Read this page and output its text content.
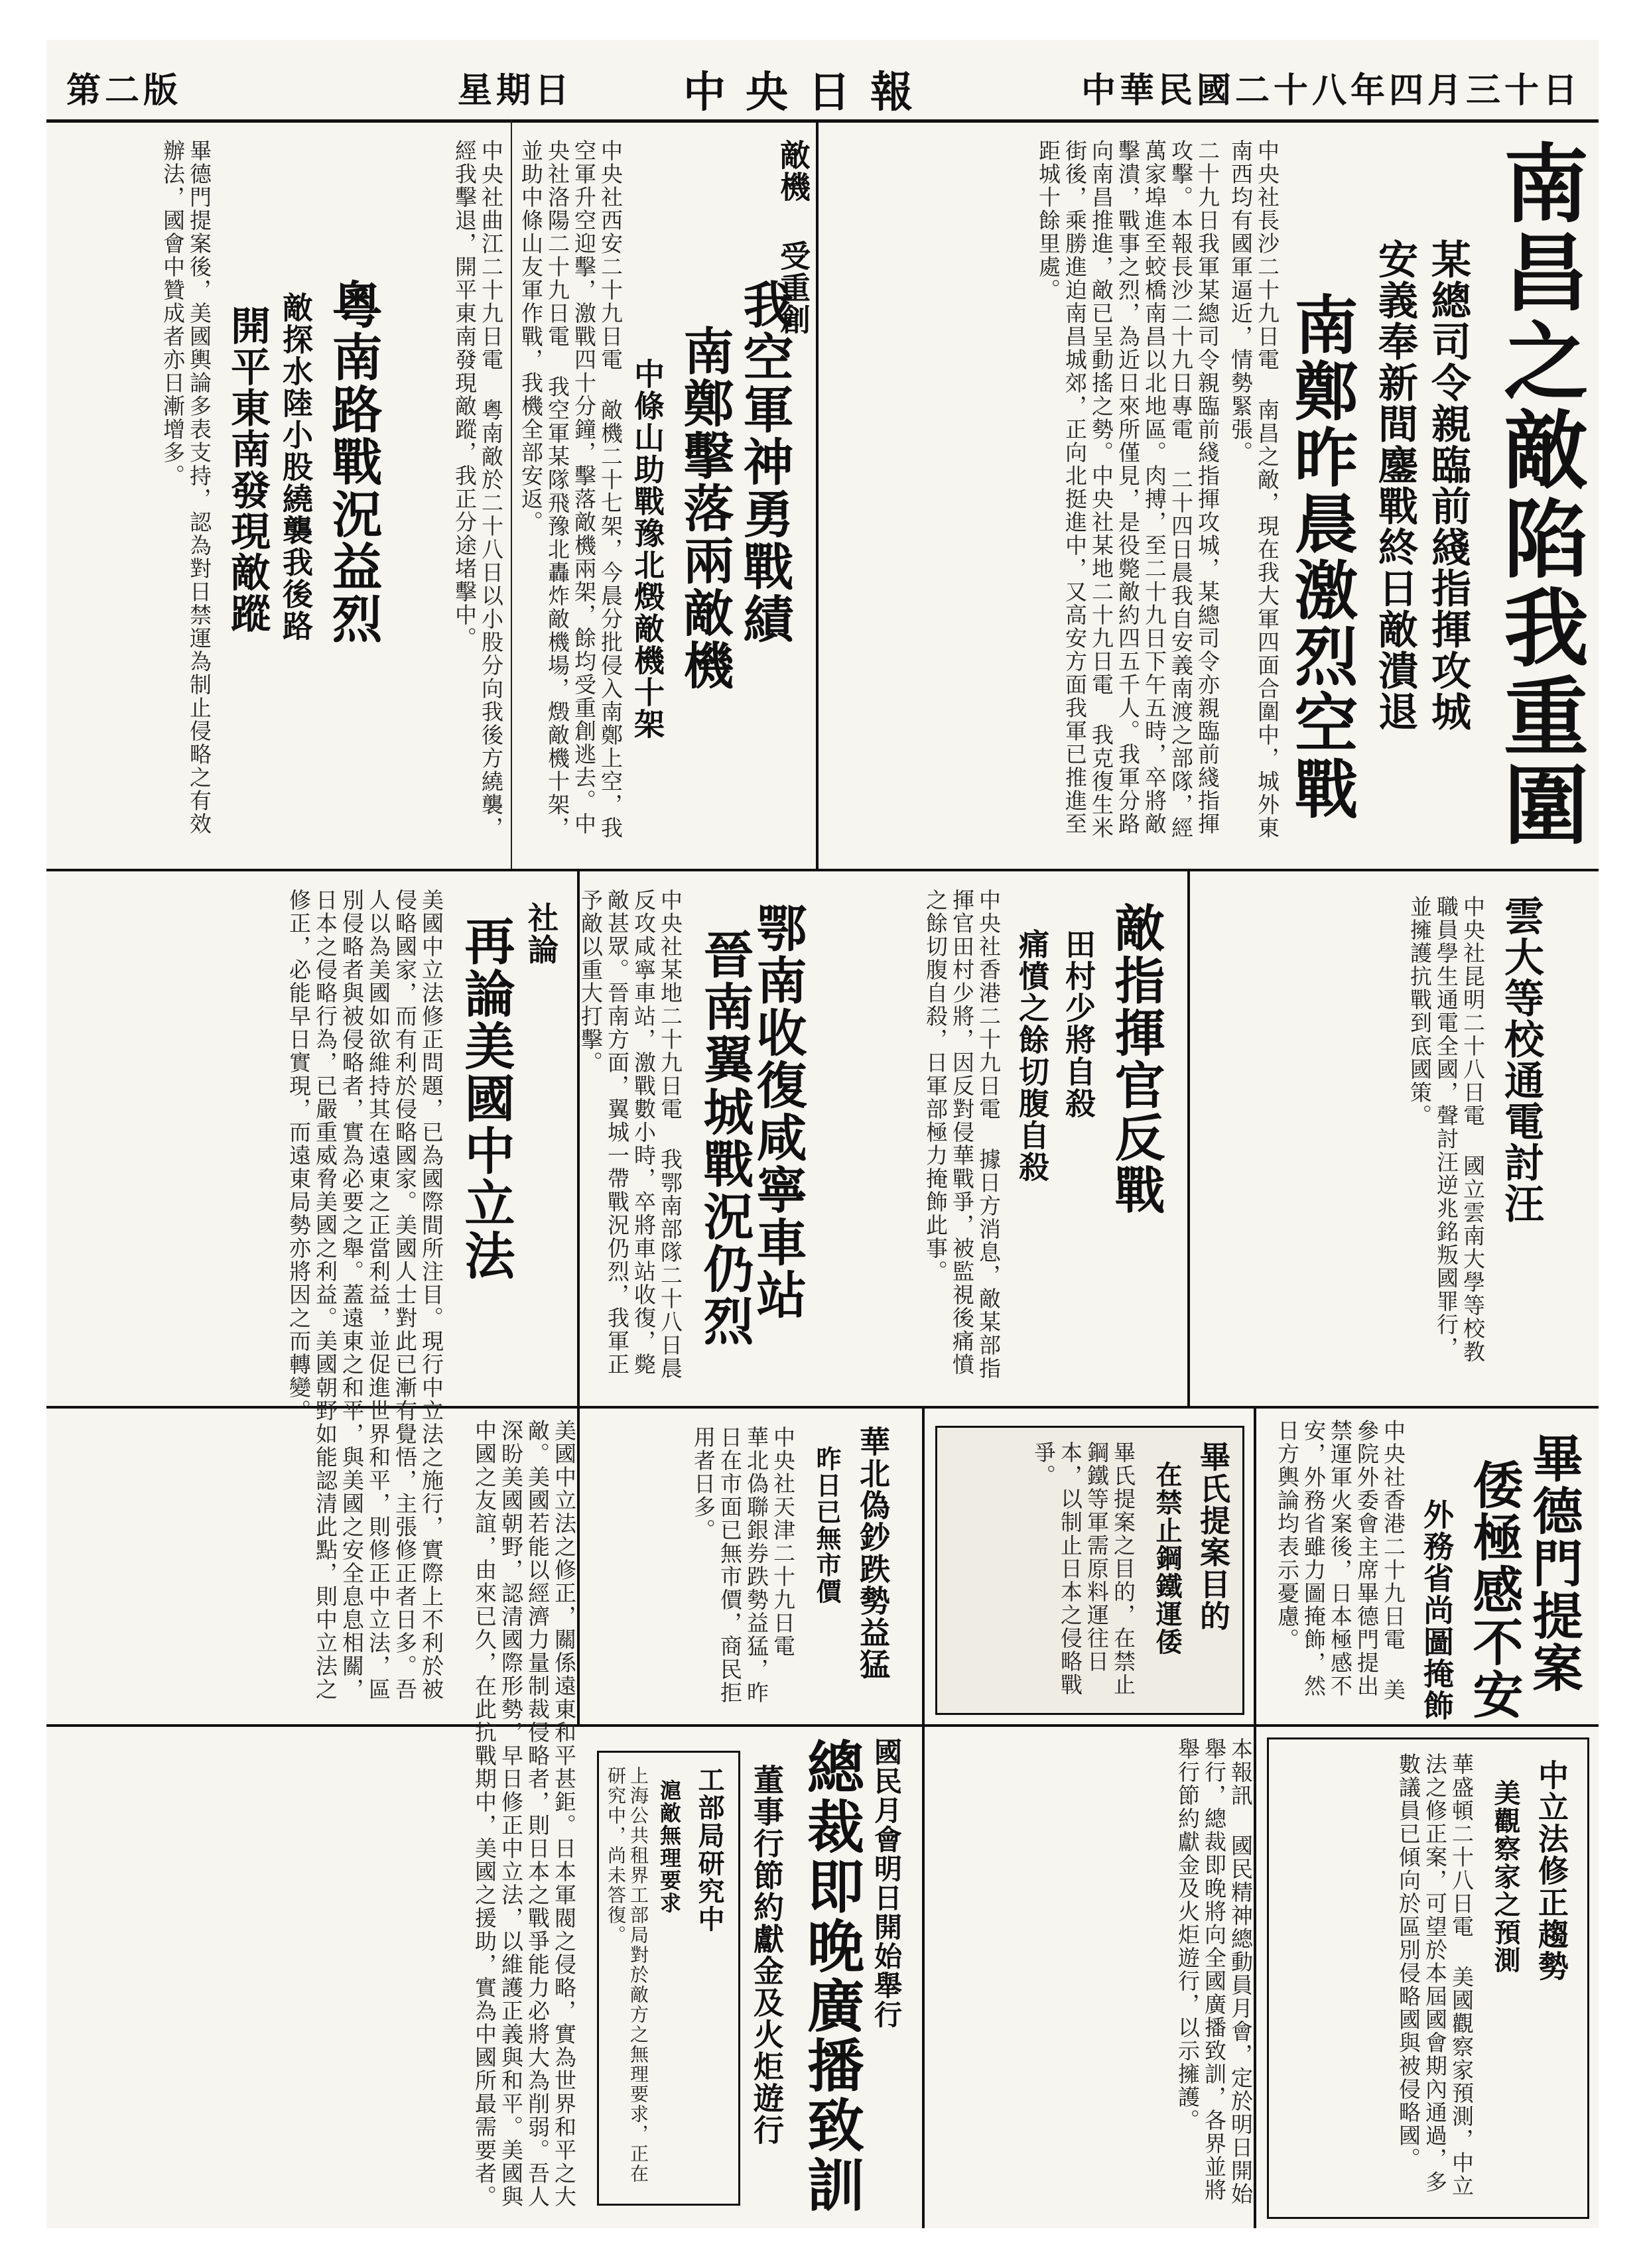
第二版	星期日	中央日報	中華民國二十八年四月三十日
南昌之敵陷我重圍
某總司令親臨前綫指揮攻城
安義奉新間鏖戰終日敵潰退
南鄭昨晨激烈空戰
中央社長沙二十九日電 南昌之敵，現在我大軍四面合圍中，城外東南西均有國軍逼近，情勢緊張。
二十九日我軍某總司令親臨前綫指揮攻城，某總司令亦親臨前綫指揮攻擊。本報長沙二十九日專電 二十四日晨我自安義南渡之部隊，經萬家埠進至蛟橋南昌以北地區。肉搏，至二十九日下午五時，卒將敵擊潰，戰事之烈，為近日來所僅見，是役斃敵約四五千人。我軍分路向南昌推進，敵已呈動搖之勢。中央社某地二十九日電 我克復生米街後，乘勝進迫南昌城郊，正向北挺進中，又高安方面我軍已推進至距城十餘里處。
我空軍神勇戰績
南鄭擊落兩敵機
中條山助戰豫北燬敵機十架
敵機 受重創
中央社西安二十九日電 敵機二十七架，今晨分批侵入南鄭上空，我空軍升空迎擊，激戰四十分鐘，擊落敵機兩架，餘均受重創逃去。中央社洛陽二十九日電 我空軍某隊飛豫北轟炸敵機場，燬敵機十架，並助中條山友軍作戰，我機全部安返。
粵南路戰況益烈
敵探水陸小股繞襲我後路
開平東南發現敵蹤	中央社曲江二十九日電 粵南敵於二十八日以小股分向我後方繞襲，經我擊退，開平東南發現敵蹤，我正分途堵擊中。
畢德門提案後，美國輿論多表支持，認為對日禁運為制止侵略之有效辦法，國會中贊成者亦日漸增多。
雲大等校通電討汪
中央社昆明二十八日電 國立雲南大學等校教職員學生通電全國，聲討汪逆兆銘叛國罪行，並擁護抗戰到底國策。
敵指揮官反戰
田村少將自殺
痛憤之餘切腹自殺
中央社香港二十九日電 據日方消息，敵某部指揮官田村少將，因反對侵華戰爭，被監視後痛憤之餘切腹自殺，日軍部極力掩飾此事。
鄂南收復咸寧車站
晉南翼城戰況仍烈
中央社某地二十九日電 我鄂南部隊二十八日晨反攻咸寧車站，激戰數小時，卒將車站收復，斃敵甚眾。晉南方面，翼城一帶戰況仍烈，我軍正予敵以重大打擊。
社論
再論美國中立法
美國中立法修正問題，已為國際間所注目。現行中立法之施行，實際上不利於被侵略國家，而有利於侵略國家。美國人士對此已漸有覺悟，主張修正者日多。吾人以為美國如欲維持其在遠東之正當利益，並促進世界和平，則修正中立法，區別侵略者與被侵略者，實為必要之舉。蓋遠東之和平，與美國之安全息息相關，日本之侵略行為，已嚴重威脅美國之利益。美國朝野如能認清此點，則中立法之修正，必能早日實現，而遠東局勢亦將因之而轉變。
華北偽鈔跌勢益猛
昨日已無市價
中央社天津二十九日電 華北偽聯銀券跌勢益猛，昨日在市面已無市價，商民拒用者日多。	畢德門提案
倭極感不安
外務省尚圖掩飾
中央社香港二十九日電 美參院外委會主席畢德門提出禁運軍火案後，日本極感不安，外務省雖力圖掩飾，然日方輿論均表示憂慮。
畢氏提案目的
在禁止鋼鐵運倭
畢氏提案之目的，在禁止鋼鐵等軍需原料運往日本，以制止日本之侵略戰爭。
中立法修正趨勢
美觀察家之預測
華盛頓二十八日電 美國觀察家預測，中立法之修正案，可望於本屆國會期內通過，多數議員已傾向於區別侵略國與被侵略國。
國民月會明日開始舉行
總裁即晚廣播致訓
董事行節約獻金及火炬遊行	本報訊 國民精神總動員月會，定於明日開始舉行，總裁即晚將向全國廣播致訓，各界並將舉行節約獻金及火炬遊行，以示擁護。
工部局研究中
滬敵無理要求
上海公共租界工部局對於敵方之無理要求，正在研究中，尚未答復。
美國中立法之修正，關係遠東和平甚鉅。日本軍閥之侵略，實為世界和平之大敵。美國若能以經濟力量制裁侵略者，則日本之戰爭能力必將大為削弱。吾人深盼美國朝野，認清國際形勢，早日修正中立法，以維護正義與和平。美國與中國之友誼，由來已久，在此抗戰期中，美國之援助，實為中國所最需要者。
